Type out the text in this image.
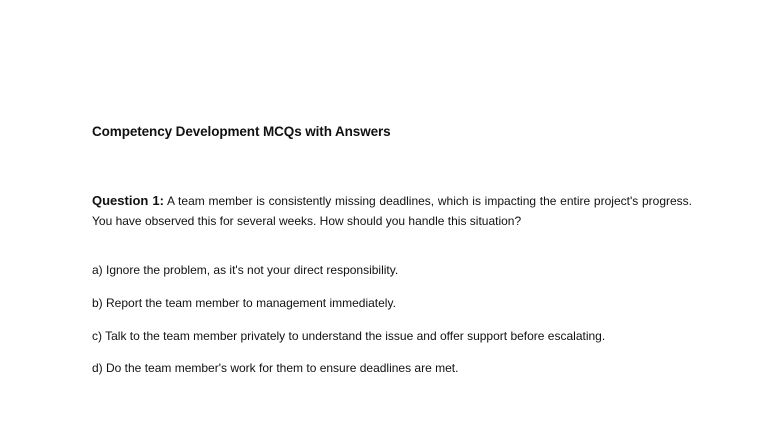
Competency Development MCQs with Answers
Question 1: A team member is consistently missing deadlines, which is impacting the entire project's progress. You have observed this for several weeks. How should you handle this situation?
a) Ignore the problem, as it's not your direct responsibility.
b) Report the team member to management immediately.
c) Talk to the team member privately to understand the issue and offer support before escalating.
d) Do the team member's work for them to ensure deadlines are met.
